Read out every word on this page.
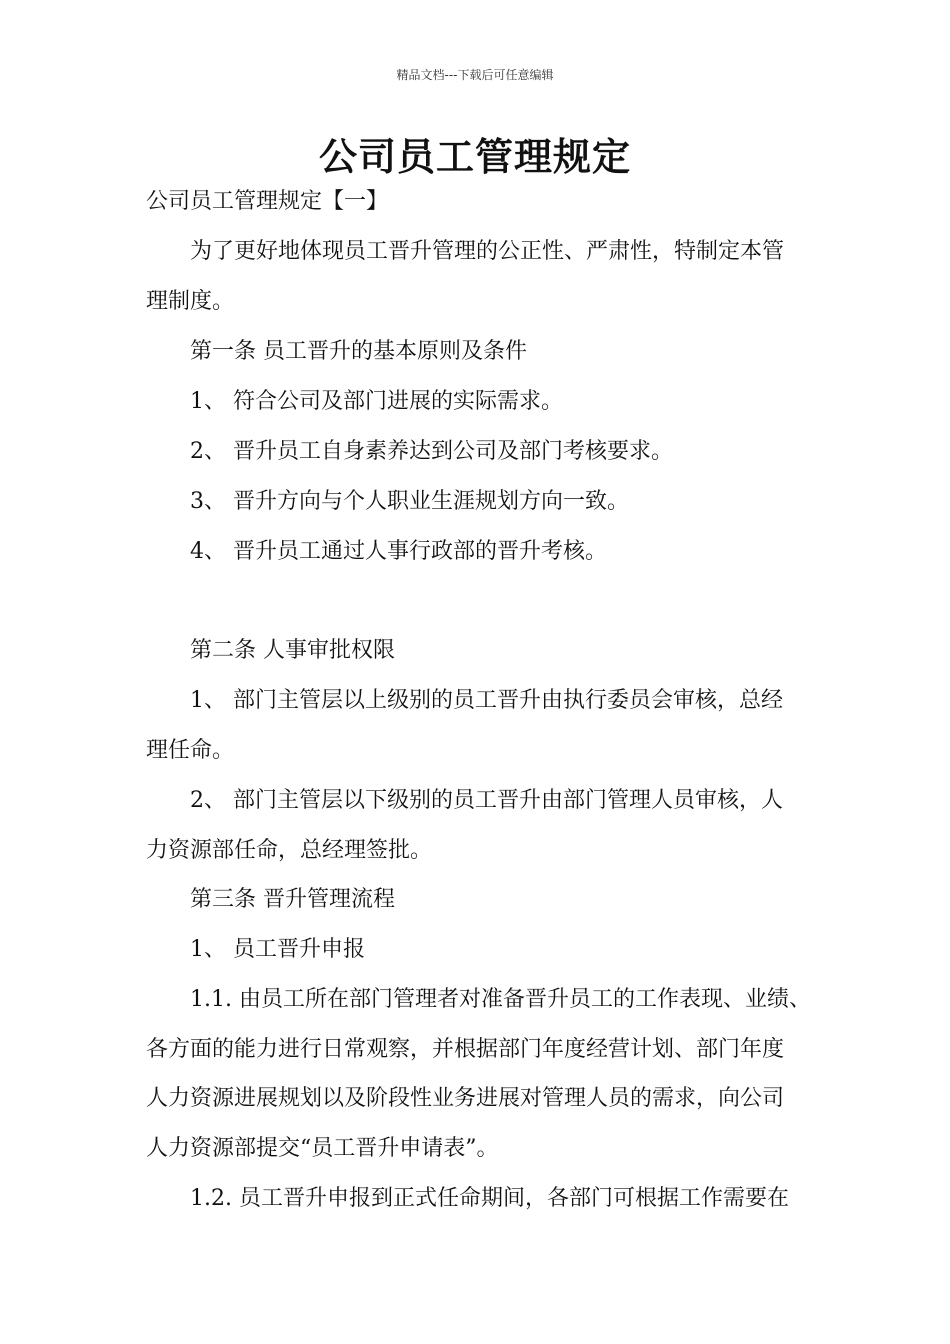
精品文档---下载后可任意编辑
公司员工管理规定
公司员工管理规定【一】
为了更好地体现员工晋升管理的公正性、严肃性，特制定本管
理制度。
第一条 员工晋升的基本原则及条件
1、 符合公司及部门进展的实际需求。
2、 晋升员工自身素养达到公司及部门考核要求。
3、 晋升方向与个人职业生涯规划方向一致。
4、 晋升员工通过人事行政部的晋升考核。
第二条 人事审批权限
1、 部门主管层以上级别的员工晋升由执行委员会审核，总经
理任命。
2、 部门主管层以下级别的员工晋升由部门管理人员审核，人
力资源部任命，总经理签批。
第三条 晋升管理流程
1、 员工晋升申报
1.1. 由员工所在部门管理者对准备晋升员工的工作表现、业绩、
各方面的能力进行日常观察，并根据部门年度经营计划、部门年度
人力资源进展规划以及阶段性业务进展对管理人员的需求，向公司
人力资源部提交“员工晋升申请表”。
1.2. 员工晋升申报到正式任命期间，各部门可根据工作需要在
